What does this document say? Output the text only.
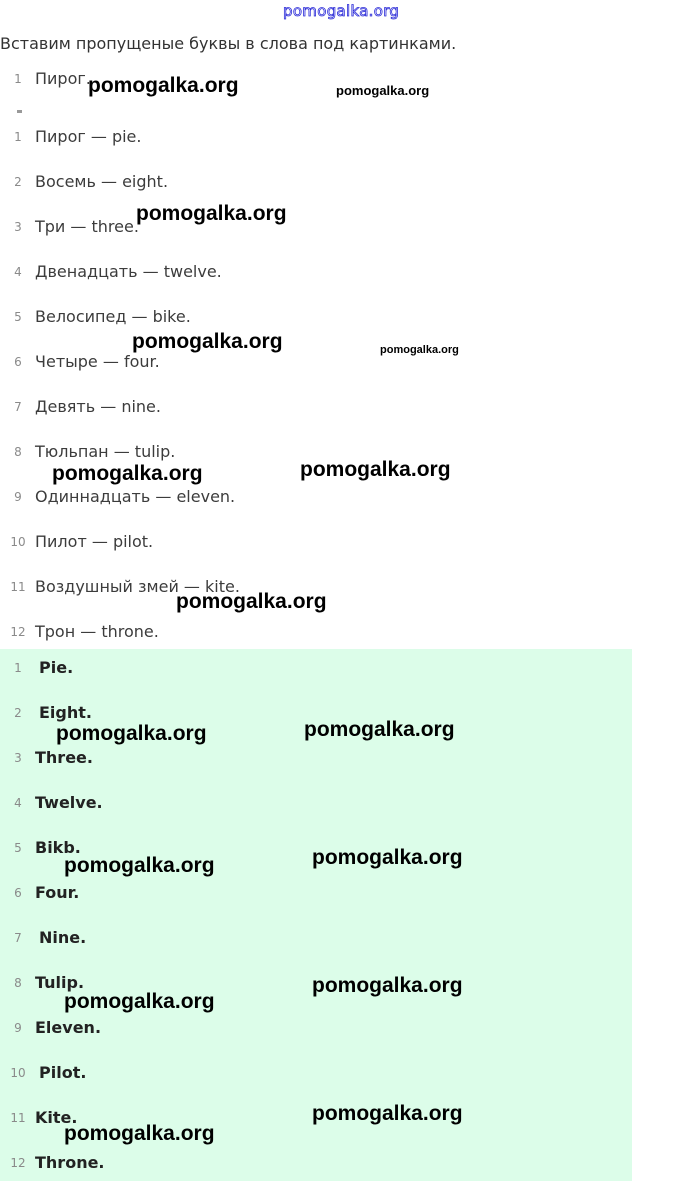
pomogalka.org
Вставим пропущеные буквы в слова под картинками.
1 Пирог.
1 Пирог — pie.
2 Восемь — eight.
3 Три — three.
4 Двенадцать — twelve.
5 Велосипед — bike.
6 Четыре — four.
7 Девять — nine.
8 Тюльпан — tulip.
9 Одиннадцать — eleven.
10 Пилот — pilot.
11 Воздушный змей — kite.
12 Трон — throne.
1 Pie.
2 Eight.
3 Three.
4 Twelve.
5 Bikb.
6 Four.
7 Nine.
8 Tulip.
9 Eleven.
10 Pilot.
11 Kite.
12 Throne.
pomogalka.org	pomogalka.org
pomogalka.org
pomogalka.org	pomogalka.org
pomogalka.org	pomogalka.org
pomogalka.org
pomogalka.org	pomogalka.org
pomogalka.org	pomogalka.org
pomogalka.org
pomogalka.org
pomogalka.org
pomogalka.org
